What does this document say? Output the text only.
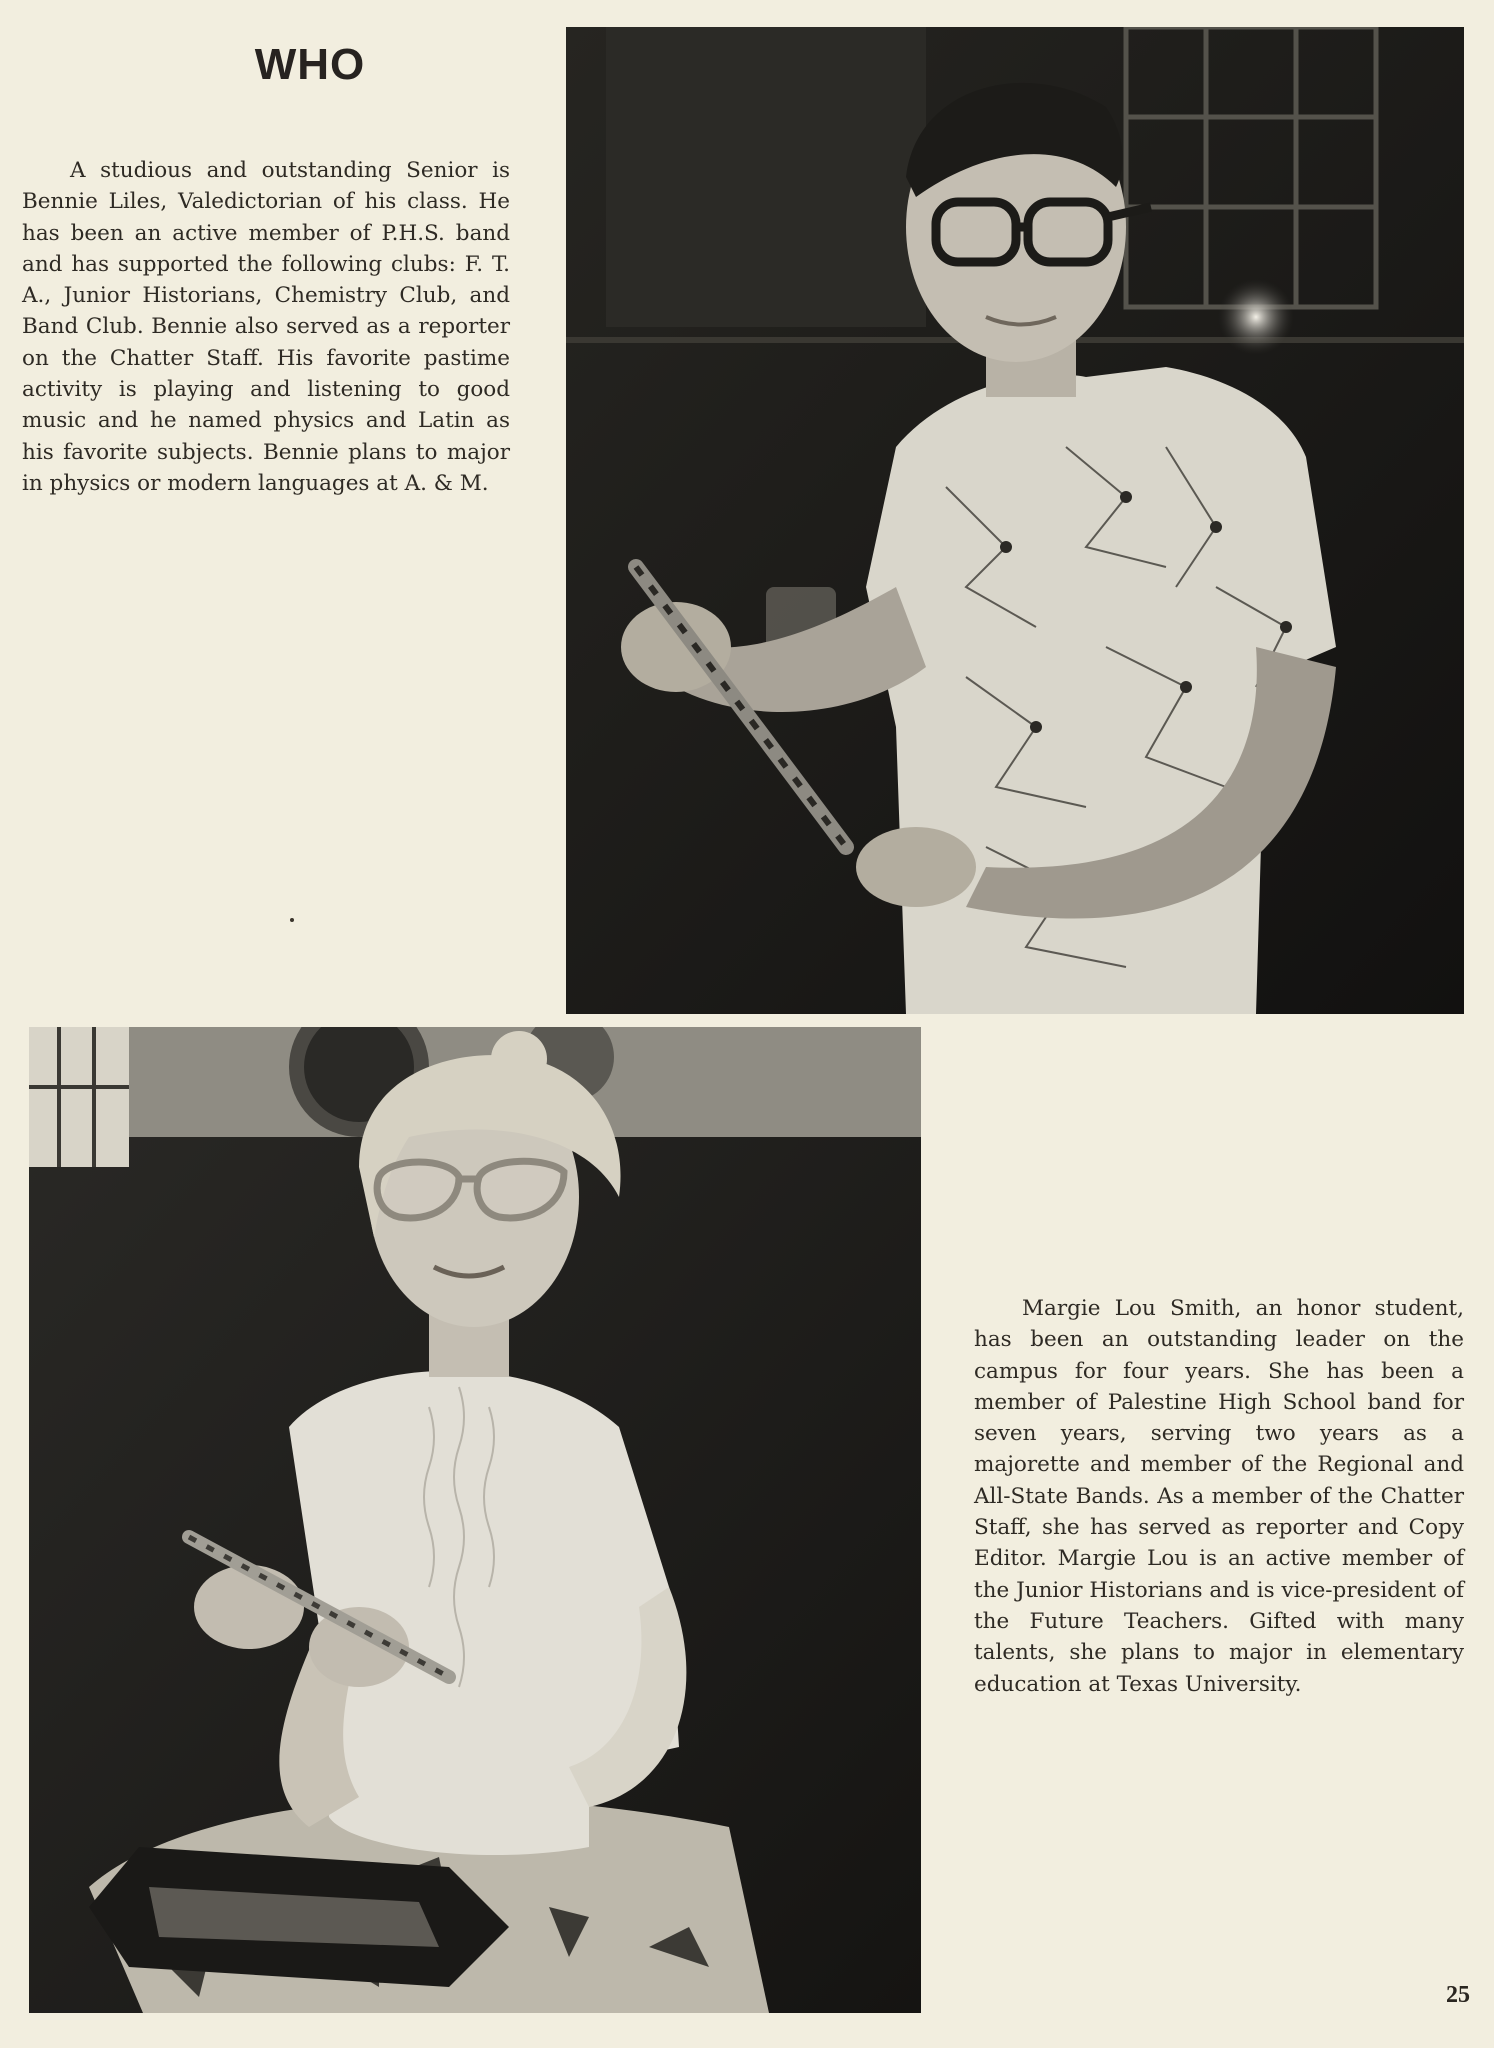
WHO

A studious and outstanding Senior is Bennie Liles, Valedictorian of his class. He has been an active member of P.H.S. band and has supported the following clubs: F. T. A., Junior Historians, Chemistry Club, and Band Club. Bennie also served as a reporter on the Chatter Staff. His favorite pastime activity is playing and listening to good music and he named physics and Latin as his favorite subjects. Bennie plans to major in physics or modern languages at A. & M.

Margie Lou Smith, an honor student, has been an outstanding leader on the campus for four years. She has been a member of Palestine High School band for seven years, serving two years as a majorette and member of the Regional and All-State Bands. As a member of the Chatter Staff, she has served as reporter and Copy Editor. Margie Lou is an active member of the Junior Historians and is vice-president of the Future Teachers. Gifted with many talents, she plans to major in elementary education at Texas University.

25
